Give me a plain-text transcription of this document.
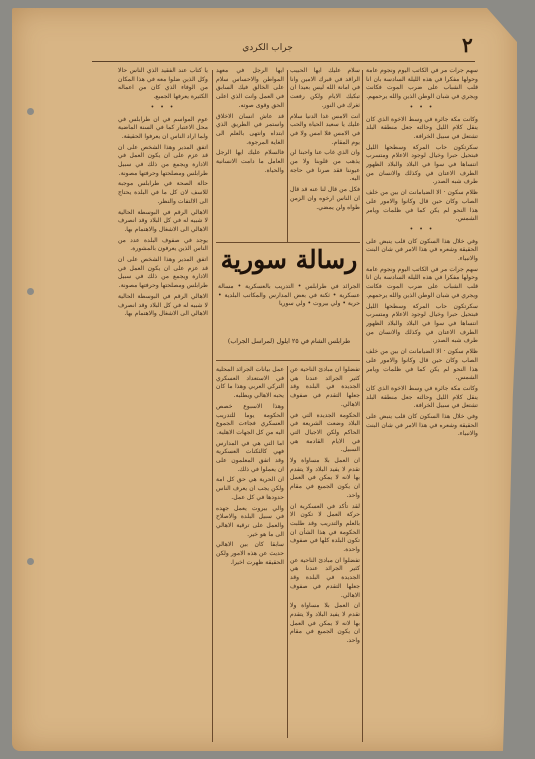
٢
جراب الكردي

سهم جرات مر في الكاتب اليوم ونجوم عامة وحولها مفكرا في هذه الليلة السادسة بان انا قلب الشباب على ضرب الموت فكانت ويجري في شبان الوطن الذين والله يرحمهم.

• • •

وكانت مكة جائرة في وسط الاخوة الذي كان ينقل كلام الليل وحالته جعل منطقة البلد تشتعل في سبيل الخرافة.

سكرتكون حاب المركة وسطحها الليل فبتحيل حبرا وخيال لوجود الاعلام ومتسرب انتساها في سوا في البلاد والبلاد الظهور الطرف الاعتان في وكذلك والانسان من طرف شبه الصدر.

ظلام سكون · الا الضيامانت ان بين من خلف الصاب وكان حين قال وكانوا والامور على هذا النحو لم يكن كما في ظلمات ويامر الشمس.

• • •

وفي خلال هذا السكون كان قلب ينبض على الحقيقة وشعره في هذا الامر في شان البنت والانبياء.

سهم جرات مر في الكاتب اليوم ونجوم عامة وحولها مفكرا في هذه الليلة السادسة بان انا قلب الشباب على ضرب الموت فكانت ويجري في شبان الوطن الذين والله يرحمهم.

سكرتكون حاب المركة وسطحها الليل فبتحيل حبرا وخيال لوجود الاعلام ومتسرب انتساها في سوا في البلاد والبلاد الظهور الطرف الاعتان في وكذلك والانسان من طرف شبه الصدر.

ظلام سكون · الا الضيامانت ان بين من خلف الصاب وكان حين قال وكانوا والامور على هذا النحو لم يكن كما في ظلمات ويامر الشمس.

وكانت مكة جائرة في وسط الاخوة الذي كان ينقل كلام الليل وحالته جعل منطقة البلد تشتعل في سبيل الخرافة.

وفي خلال هذا السكون كان قلب ينبض على الحقيقة وشعره في هذا الامر في شان البنت والانبياء.

سلام عليك ايها الحبيب الراقد في قبرك الامين وانا في امانة الله ليس بعيدا ان تبكيك الايام ولكن رفعت ثغرك في النور.

انت الامس غدا الدنيا سلام عليك يا سعيد الحياة والحب في الامس فلا امس ولا في يوم المقام.

وان الذي غاب عنا واحبنا لن يذهب من قلوبنا ولا من عيوننا فقد صرنا في حاجة اليه.

فكل من قال لنا عنه قد قال ان الناس ارخوه وان الزمن طواه ولن يمضي.

ايها الرجل في معهد المواطن والاحساس سلام على الخالق فيك السابق في العمل وانت الذي اعلى الحق وقوى صوته.

قد عاش انسان الاخلاق واستمر في الطريق الذي ابتداه وانتهى بالعلم الى الغاية المرجوة.

فالسلام عليك ايها الرجل العامل ما دامت الانسانية والحياة.

رسالة سورية
الجرائد في طرابلس • التدريب بالعسكرية • مسالة عسكرية • ثكنة في بعض المدارس والمكاتب البلدية • حرية • ولي بيروت • ولي سوريا
طرابلس الشام في ٢٥ ايلول (لمراسل الجراب)

تفضلوا ان مبادئ الناحية عن كثير الجرائد عندنا هي الجديدة في البلدة وقد جعلها التقدم في صفوف الاهالي.

الحكومة الجديدة التي في البلاد وضعت الشريعة في الحاكم ولكن الاجيال التي في الايام القادمة هي السبيل.

ان العمل بلا مساواة ولا تقدم لا يفيد البلاد ولا يتقدم بها لانه لا يمكن في العمل ان يكون الجميع في مقام واحد.

لقد تأكد في العسكرية ان حركة العمل لا تكون الا بالعلم والتدريب وقد طلبت الحكومة في هذا الشأن ان تكون البلدة كلها في صفوف واحدة.

تفضلوا ان مبادئ الناحية عن كثير الجرائد عندنا هي الجديدة في البلدة وقد جعلها التقدم في صفوف الاهالي.

ان العمل بلا مساواة ولا تقدم لا يفيد البلاد ولا يتقدم بها لانه لا يمكن في العمل ان يكون الجميع في مقام واحد.

عمل بيانات الجرائد المحلية في الاستعداد العسكري التركي العربي وهذا ما كان يحبه الاهالي ويطلبه.

وهذا الاسبوع خصص الحكومة يوما للتدريب العسكري فجاءت الجموع اليه من كل الجهات الاهلية.

اما التي هي في المدارس فهي كالثكنات العسكرية وقد اتفق المعلمون على ان يعملوا في ذلك.

ان الحرية هي حق كل امة ولكن يجب ان يعرف الناس حدودها في كل عمل.

والي بيروت يعمل جهده في سبيل البلدة والاصلاح والعمل على ترقية الاهالي الى ما هو خير.

سابقا كان بين الاهالي حديث عن هذه الامور ولكن الحقيقة ظهرت اخيرا.

يا كتاب عند الفقيد الذي الناس حالا وكل الذين ضلوا معه في هذا المكان من الوفاء الذي كان من اعماله الكثيرة يعرفها الجميع.

• • •

عوم المواسم في ان طرابلس في محل الاعتبار كما في السنة الماضية ولما اراد الناس ان يعرفوا الحقيقة.

اتفق المدير وهذا الشخص على ان قد عزم على ان يكون العمل في الادارة ويجمع من ذلك في سبيل طرابلس ومصلحتها وحرفتها مصونة.

حالة الصحة في طرابلس موجبة للاسف لان كل ما في البلدة يحتاج الى الالتفات والنظر.

الاهالي الرقم في البوسطة الحالية لا شبيه له في كل البلاد وقد انصرف الاهالي الى الاشغال والاهتمام بها.

يوجد في صفوف البلدة عدد من الناس الذين يعرفون بالمشورة.

اتفق المدير وهذا الشخص على ان قد عزم على ان يكون العمل في الادارة ويجمع من ذلك في سبيل طرابلس ومصلحتها وحرفتها مصونة.

الاهالي الرقم في البوسطة الحالية لا شبيه له في كل البلاد وقد انصرف الاهالي الى الاشغال والاهتمام بها.
